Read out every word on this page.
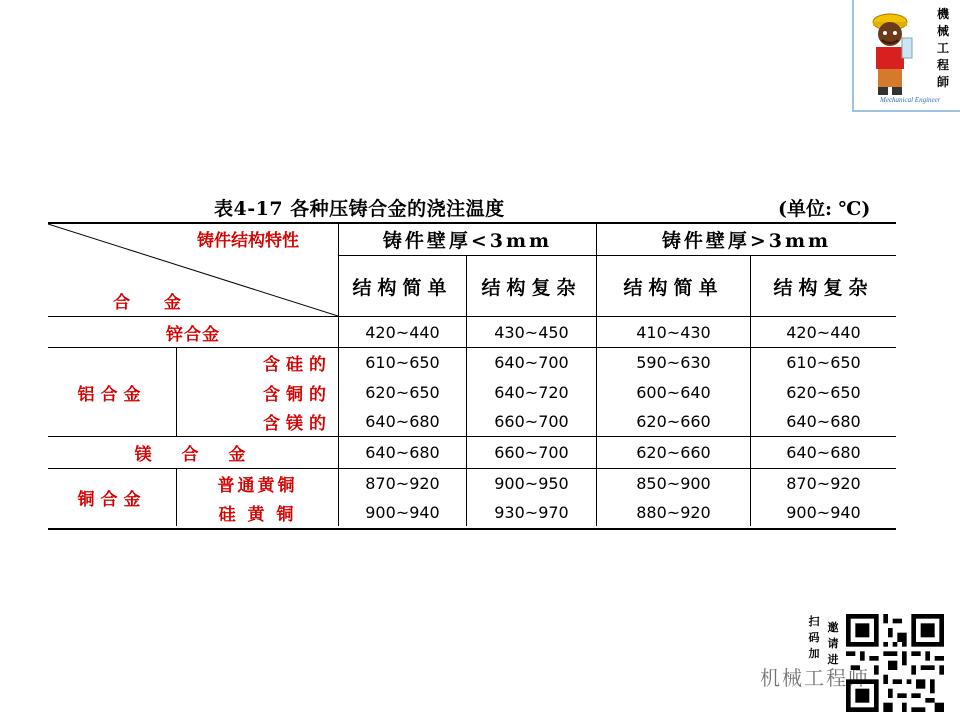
機
械
工
程
師
Mechanical Engineer
表4-17 各种压铸合金的浇注温度	(单位: ℃)
铸件结构特性
合    金
铸件壁厚<3mm	铸件壁厚>3mm
结构简单	结构复杂	结构简单	结构复杂
锌合金	420~440	430~450	410~430	420~440
铝合金
含硅的	610~650	640~700	590~630	610~650
含铜的	620~650	640~720	600~640	620~650
含镁的	640~680	660~700	620~660	640~680
镁  合  金	640~680	660~700	620~660	640~680
铜合金
普通黄铜	870~920	900~950	850~900	870~920
硅 黄 铜	900~940	930~970	880~920	900~940
扫
码
加
邀
请
进
机械工程师
